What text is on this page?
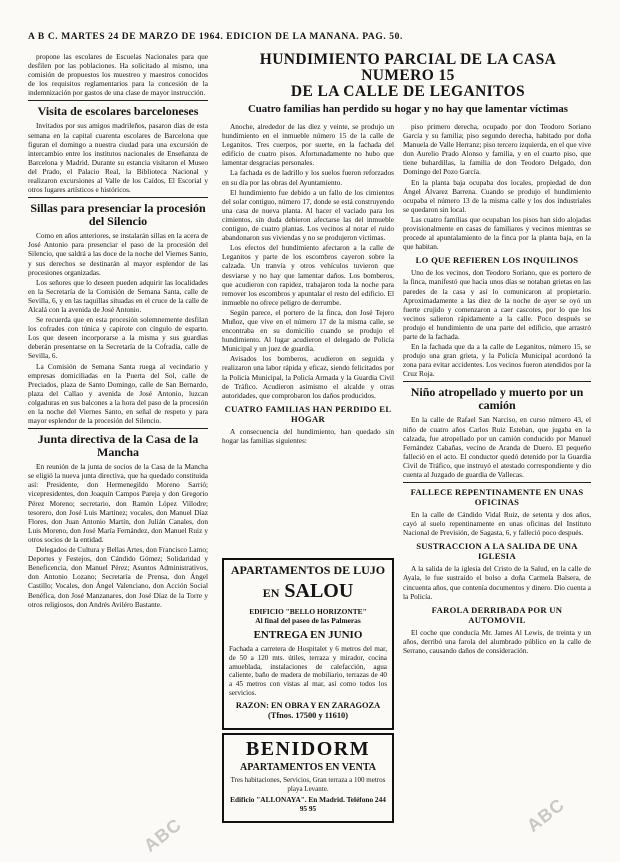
A B C. MARTES 24 DE MARZO DE 1964. EDICION DE LA MAÑANA. PAG. 50.

propone las escolares de Escuelas Nacionales para que desfilen por las poblaciones. Ha solicitado al mismo, una comisión de propuestos los muestreo y maestros conocidos de los requisitos reglamentarios para la concesión de la indemnización por gastos de una clase de mayor instrucción.

Visita de escolares barceloneses

Invitados por sus amigos madrileños, pasaron días de esta semana en la capital cuarenta escolares de Barcelona que figuran el domingo a nuestra ciudad para una excursión de intercambio entre los institutos nacionales de Enseñanza de Barcelona y Madrid. Durante su estancia visitaron el Museo del Prado, el Palacio Real, la Biblioteca Nacional y realizaron excursiones al Valle de los Caídos, El Escorial y otros lugares artísticos e históricos.

Sillas para presenciar la procesión del Silencio

Como en años anteriores, se instalarán sillas en la acera de José Antonio para presenciar el paso de la procesión del Silencio, que saldrá a las doce de la noche del Viernes Santo, y sus derechos se destinarán al mayor esplendor de las procesiones organizadas.

Los señores que lo deseen pueden adquirir las localidades en la Secretaría de la Comisión de Semana Santa, calle de Sevilla, 6, y en las taquillas situadas en el cruce de la calle de Alcalá con la avenida de José Antonio.

Se recuerda que en esta procesión solemnemente desfilan los cofrades con túnica y capirote con cíngulo de esparto. Los que deseen incorporarse a la misma y sus guardias deberán presentarse en la Secretaría de la Cofradía, calle de Sevilla, 6.

La Comisión de Semana Santa ruega al vecindario y empresas domiciliadas en la Puerta del Sol, calle de Preciados, plaza de Santo Domingo, calle de San Bernardo, plaza del Callao y avenida de José Antonio, luzcan colgaduras en sus balcones a la hora del paso de la procesión en la noche del Viernes Santo, en señal de respeto y para mayor esplendor de la procesión del Silencio.

Junta directiva de la Casa de la Mancha

En reunión de la junta de socios de la Casa de la Mancha se eligió la nueva junta directiva, que ha quedado constituida así: Presidente, don Hermenegildo Moreno Sarrió; vicepresidentes, don Joaquín Campos Pareja y don Gregorio Pérez Moreno; secretario, don Ramón López Villodre; tesorero, don José Luis Martínez; vocales, don Manuel Díaz Flores, don Juan Antonio Martín, don Julián Canales, don Luis Moreno, don José María Fernández, don Manuel Ruiz y otros socios de la entidad.

Delegados de Cultura y Bellas Artes, don Francisco Lamo; Deportes y Festejos, don Cándido Gómez; Solidaridad y Beneficencia, don Manuel Pérez; Asuntos Administrativos, don Antonio Lozano; Secretaría de Prensa, don Ángel Castillo; Vocales, don Ángel Valenciano, don Acción Social Benéfica, don José Manzanares, don José Díaz de la Torre y otros religiosos, don Andrés Aviléro Bastante.

HUNDIMIENTO PARCIAL DE LA CASA NUMERO 15
DE LA CALLE DE LEGANITOS
Cuatro familias han perdido su hogar y no hay que lamentar víctimas

Anoche, alrededor de las diez y veinte, se produjo un hundimiento en el inmueble número 15 de la calle de Leganitos. Tres cuerpos, por suerte, en la fachada del edificio de cuatro pisos. Afortunadamente no hubo que lamentar desgracias personales.

La fachada es de ladrillo y los suelos fueron reforzados en su día por las obras del Ayuntamiento.

El hundimiento fue debido a un fallo de los cimientos del solar contiguo, número 17, donde se está construyendo una casa de nueva planta. Al hacer el vaciado para los cimientos, sin duda debieron afectarse las del inmueble contiguo, de cuatro plantas. Los vecinos al notar el ruido abandonaron sus viviendas y no se produjeron víctimas.

Los efectos del hundimiento afectaron a la calle de Leganitos y parte de los escombros cayeron sobre la calzada. Un tranvía y otros vehículos tuvieron que desviarse y no hay que lamentar daños. Los bomberos, que acudieron con rapidez, trabajaron toda la noche para remover los escombros y apuntalar el resto del edificio. El inmueble no ofrece peligro de derrumbe.

Según parece, el portero de la finca, don José Tejero Muñoz, que vive en el número 17 de la misma calle, se encontraba en su domicilio cuando se produjo el hundimiento. Al lugar acudieron el delegado de Policía Municipal y un juez de guardia.

Avisados los bomberos, acudieron en seguida y realizaron una labor rápida y eficaz, siendo felicitados por la Policía Municipal, la Policía Armada y la Guardia Civil de Tráfico. Acudieron asimismo el alcalde y otras autoridades, que comprobaron los daños producidos.

CUATRO FAMILIAS HAN PERDIDO EL HOGAR

A consecuencia del hundimiento, han quedado sin hogar las familias siguientes:

APARTAMENTOS DE LUJO
EN SALOU
EDIFICIO "BELLO HORIZONTE"
Al final del paseo de las Palmeras
ENTREGA EN JUNIO
Fachada a carretera de Hospitalet y 6 metros del mar, de 50 a 120 mts. útiles, terraza y mirador, cocina amueblada, instalaciones de calefacción, agua caliente, baño de madera de mobiliario, terrazas de 40 a 45 metros con vistas al mar, así como todos los servicios.
RAZON: EN OBRA Y EN ZARAGOZA (Tfnos. 17500 y 11610)
BENIDORM
APARTAMENTOS EN VENTA
Tres habitaciones, Servicios, Gran terraza a 100 metros playa Levante.
Edificio "ALLONAYA". En Madrid. Teléfono 244 95 95

piso primero derecha, ocupado por don Teodoro Soriano García y su familia; piso segundo derecha, habitado por doña Manuela de Valle Herranz; piso tercero izquierda, en el que vive don Aurelio Prado Alonso y familia, y en el cuarto piso, que tiene buhardillas, la familia de don Teodoro Delgado, don Domingo del Pozo García.

En la planta baja ocupaba dos locales, propiedad de don Ángel Álvarez Barrena. Cuando se produjo el hundimiento ocupaba el número 13 de la misma calle y los dos industriales se quedaron sin local.

Las cuatro familias que ocupaban los pisos han sido alojadas provisionalmente en casas de familiares y vecinos mientras se procede al apuntalamiento de la finca por la planta baja, en la que habitan.

LO QUE REFIEREN LOS INQUILINOS

Uno de los vecinos, don Teodoro Soriano, que es portero de la finca, manifestó que hacía unos días se notaban grietas en las paredes de la casa y así lo comunicaron al propietario. Aproximadamente a las diez de la noche de ayer se oyó un fuerte crujido y comenzaron a caer cascotes, por lo que los vecinos salieron rápidamente a la calle. Poco después se produjo el hundimiento de una parte del edificio, que arrastró parte de la fachada.

En la fachada que da a la calle de Leganitos, número 15, se produjo una gran grieta, y la Policía Municipal acordonó la zona para evitar accidentes. Los vecinos fueron atendidos por la Cruz Roja.

Niño atropellado y muerto por un camión

En la calle de Rafael San Narciso, en curso número 43, el niño de cuatro años Carlos Ruiz Esteban, que jugaba en la calzada, fue atropellado por un camión conducido por Manuel Fernández Cabañas, vecino de Aranda de Duero. El pequeño falleció en el acto. El conductor quedó detenido por la Guardia Civil de Tráfico, que instruyó el atestado correspondiente y dio cuenta al Juzgado de guardia de Vallecas.

FALLECE REPENTINAMENTE EN UNAS OFICINAS

En la calle de Cándido Vidal Ruiz, de setenta y dos años, cayó al suelo repentinamente en unas oficinas del Instituto Nacional de Previsión, de Sagasta, 6, y falleció poco después.

SUSTRACCION A LA SALIDA DE UNA IGLESIA

A la salida de la iglesia del Cristo de la Salud, en la calle de Ayala, le fue sustraído el bolso a doña Carmela Balsera, de cincuenta años, que contenía documentos y dinero. Dio cuenta a la Policía.

FAROLA DERRIBADA POR UN AUTOMOVIL

El coche que conducía Mr. James Al Lewis, de treinta y un años, derribó una farola del alumbrado público en la calle de Serrano, causando daños de consideración.

ABC
ABC
